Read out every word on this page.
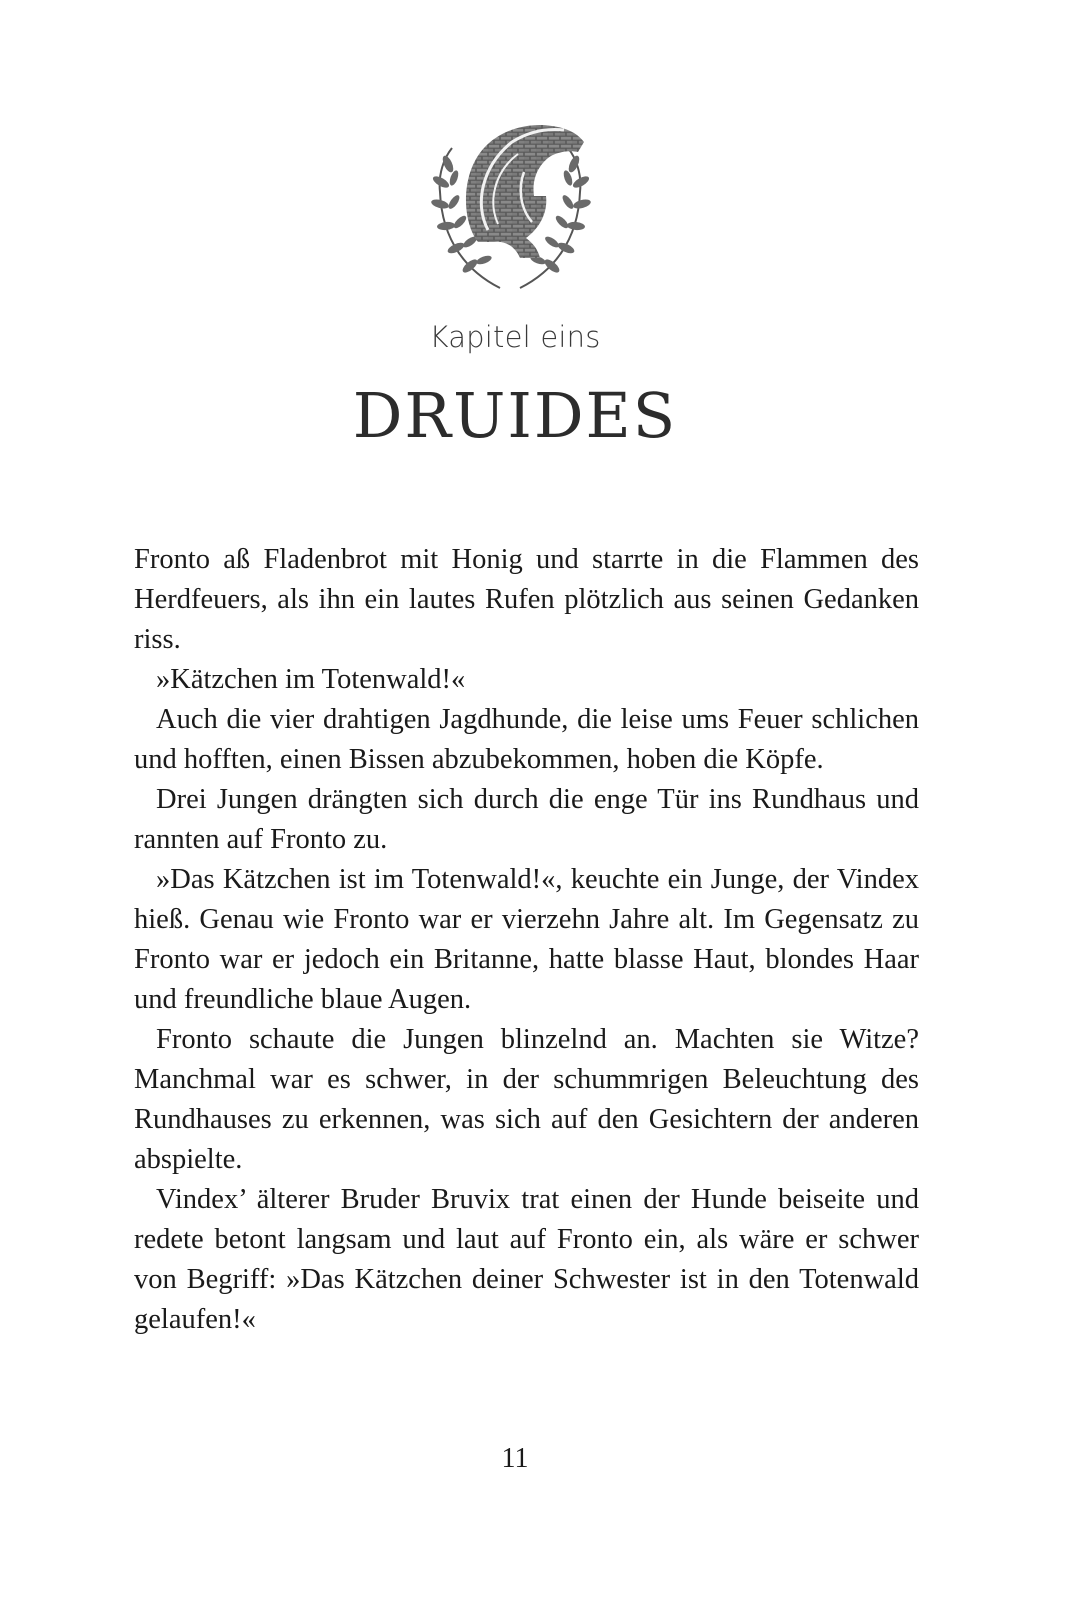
Kapitel eins
DRUIDES

Fronto aß Fladenbrot mit Honig und starrte in die Flammen des Herdfeuers, als ihn ein lautes Rufen plötzlich aus seinen Gedanken riss.

»Kätzchen im Totenwald!«

Auch die vier drahtigen Jagdhunde, die leise ums Feuer schlichen und hofften, einen Bissen abzubekommen, hoben die Köpfe.

Drei Jungen drängten sich durch die enge Tür ins Rundhaus und rannten auf Fronto zu.

»Das Kätzchen ist im Totenwald!«, keuchte ein Junge, der Vindex hieß. Genau wie Fronto war er vierzehn Jahre alt. Im Gegensatz zu Fronto war er jedoch ein Britanne, hatte blasse Haut, blondes Haar und freundliche blaue Augen.

Fronto schaute die Jungen blinzelnd an. Machten sie Witze? Manchmal war es schwer, in der schummrigen Beleuchtung des Rundhauses zu erkennen, was sich auf den Gesichtern der anderen abspielte.

Vindex’ älterer Bruder Bruvix trat einen der Hunde beiseite und redete betont langsam und laut auf Fronto ein, als wäre er schwer von Begriff: »Das Kätzchen deiner Schwester ist in den Totenwald gelaufen!«

11
